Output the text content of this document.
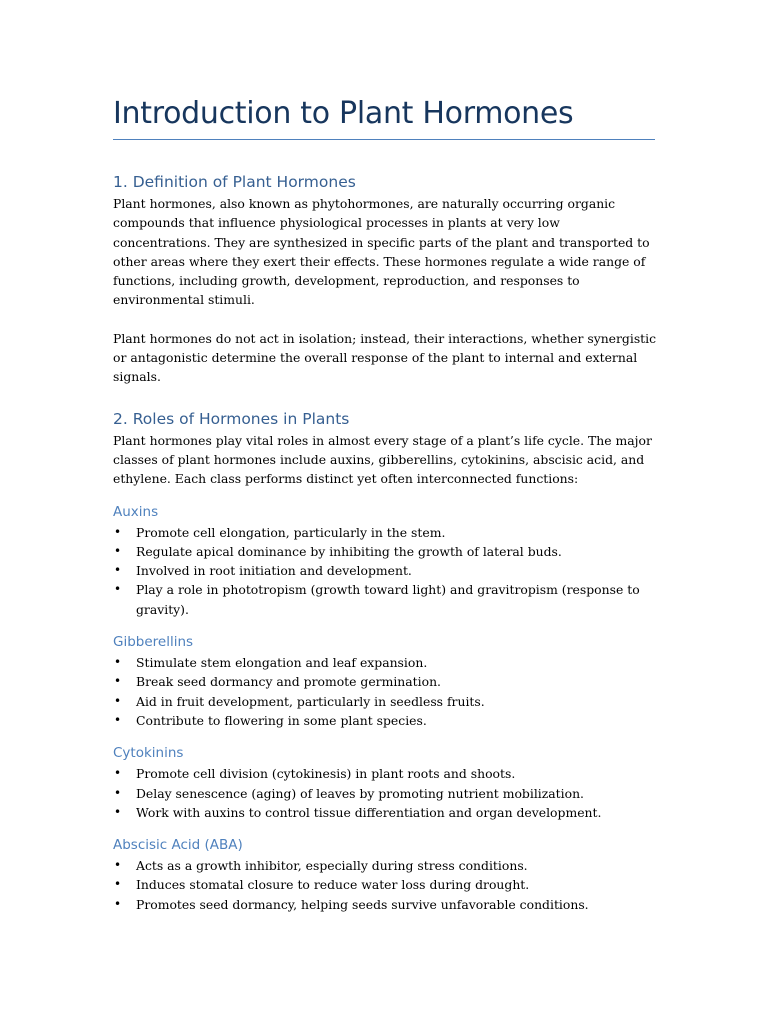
Introduction to Plant Hormones
1. Definition of Plant Hormones

Plant hormones, also known as phytohormones, are naturally occurring organic compounds that influence physiological processes in plants at very low concentrations. They are synthesized in specific parts of the plant and transported to other areas where they exert their effects. These hormones regulate a wide range of functions, including growth, development, reproduction, and responses to environmental stimuli.

Plant hormones do not act in isolation; instead, their interactions, whether synergistic or antagonistic determine the overall response of the plant to internal and external signals.

2. Roles of Hormones in Plants

Plant hormones play vital roles in almost every stage of a plant’s life cycle. The major classes of plant hormones include auxins, gibberellins, cytokinins, abscisic acid, and ethylene. Each class performs distinct yet often interconnected functions:

Auxins
• Promote cell elongation, particularly in the stem.
• Regulate apical dominance by inhibiting the growth of lateral buds.
• Involved in root initiation and development.
• Play a role in phototropism (growth toward light) and gravitropism (response to gravity).
Gibberellins
• Stimulate stem elongation and leaf expansion.
• Break seed dormancy and promote germination.
• Aid in fruit development, particularly in seedless fruits.
• Contribute to flowering in some plant species.
Cytokinins
• Promote cell division (cytokinesis) in plant roots and shoots.
• Delay senescence (aging) of leaves by promoting nutrient mobilization.
• Work with auxins to control tissue differentiation and organ development.
Abscisic Acid (ABA)
• Acts as a growth inhibitor, especially during stress conditions.
• Induces stomatal closure to reduce water loss during drought.
• Promotes seed dormancy, helping seeds survive unfavorable conditions.
